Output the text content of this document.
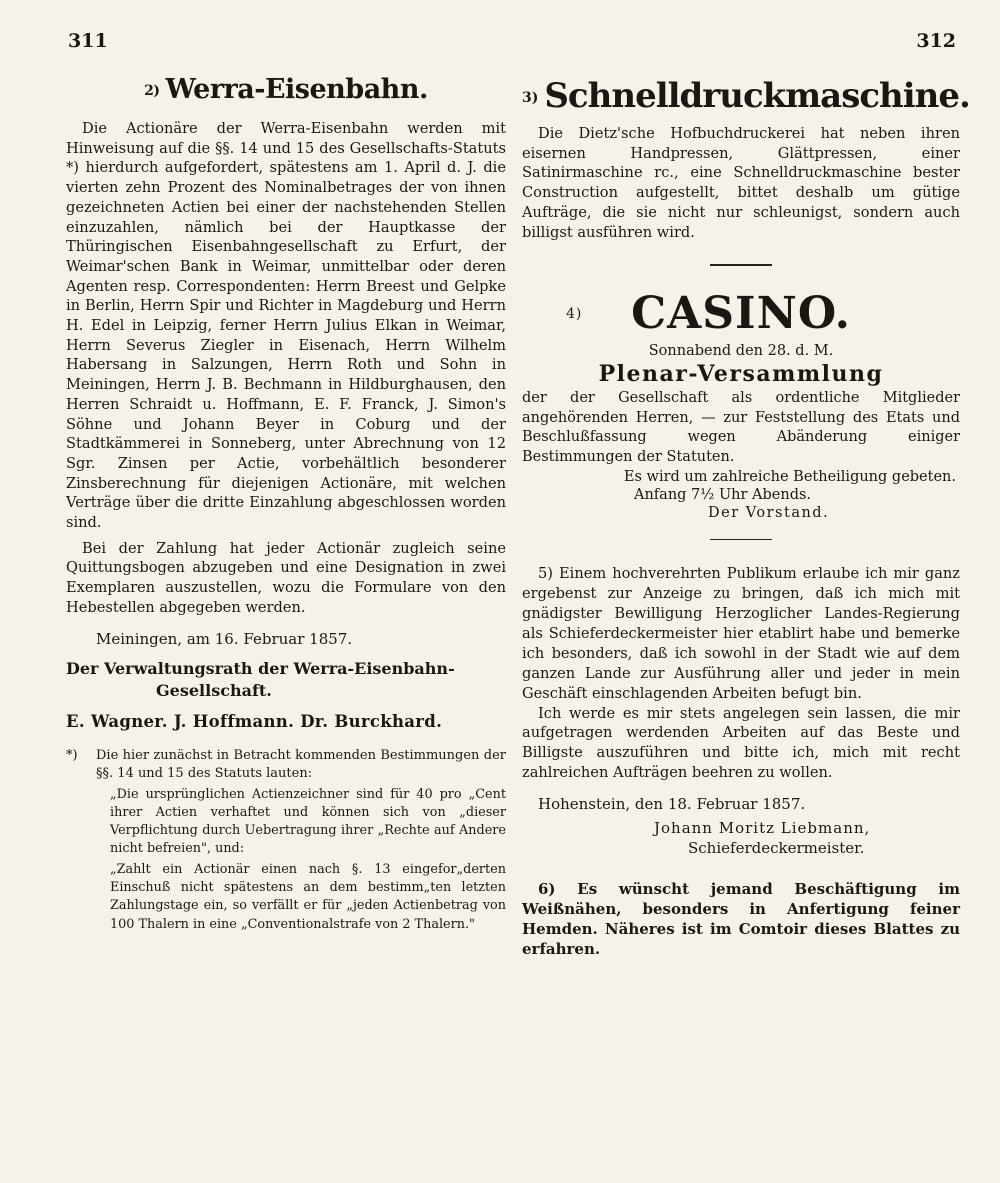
311	312
2) Werra-Eisenbahn.

Die Actionäre der Werra-Eisenbahn werden mit Hinweisung auf die §§. 14 und 15 des Gesellschafts-Statuts *) hierdurch aufgefordert, spätestens am 1. April d. J. die vierten zehn Prozent des Nominalbetrages der von ihnen gezeichneten Actien bei einer der nachstehenden Stellen einzuzahlen, nämlich bei der Hauptkasse der Thüringischen Eisenbahngesellschaft zu Erfurt, der Weimar'schen Bank in Weimar, unmittelbar oder deren Agenten resp. Correspondenten: Herrn Breest und Gelpke in Berlin, Herrn Spir und Richter in Magdeburg und Herrn H. Edel in Leipzig, ferner Herrn Julius Elkan in Weimar, Herrn Severus Ziegler in Eisenach, Herrn Wilhelm Habersang in Salzungen, Herrn Roth und Sohn in Meiningen, Herrn J. B. Bechmann in Hildburghausen, den Herren Schraidt u. Hoffmann, E. F. Franck, J. Simon's Söhne und Johann Beyer in Coburg und der Stadtkämmerei in Sonneberg, unter Abrechnung von 12 Sgr. Zinsen per Actie, vorbehältlich besonderer Zinsberechnung für diejenigen Actionäre, mit welchen Verträge über die dritte Einzahlung abgeschlossen worden sind.

Bei der Zahlung hat jeder Actionär zugleich seine Quittungsbogen abzugeben und eine Designation in zwei Exemplaren auszustellen, wozu die Formulare von den Hebestellen abgegeben werden.

Meiningen, am 16. Februar 1857.

Der Verwaltungsrath der Werra-Eisenbahn-
Gesellschaft.
E. Wagner. J. Hoffmann. Dr. Burckhard.
*)	Die hier zunächst in Betracht kommenden Bestimmungen der §§. 14 und 15 des Statuts lauten:

„Die ursprünglichen Actienzeichner sind für 40 pro „Cent ihrer Actien verhaftet und können sich von „dieser Verpflichtung durch Uebertragung ihrer „Rechte auf Andere nicht befreien", und:

„Zahlt ein Actionär einen nach §. 13 eingefor„derten Einschuß nicht spätestens an dem bestimm„ten letzten Zahlungstage ein, so verfällt er für „jeden Actienbetrag von 100 Thalern in eine „Conventionalstrafe von 2 Thalern."

3) Schnelldruckmaschine.

Die Dietz'sche Hofbuchdruckerei hat neben ihren eisernen Handpressen, Glättpressen, einer Satinirmaschine rc., eine Schnelldruckmaschine bester Construction aufgestellt, bittet deshalb um gütige Aufträge, die sie nicht nur schleunigst, sondern auch billigst ausführen wird.

4) CASINO.
Sonnabend den 28. d. M.
Plenar-Versammlung

der der Gesellschaft als ordentliche Mitglieder angehörenden Herren, — zur Feststellung des Etats und Beschlußfassung wegen Abänderung einiger Bestimmungen der Statuten.

Es wird um zahlreiche Betheiligung gebeten.
Anfang 7½ Uhr Abends.
Der Vorstand.

5) Einem hochverehrten Publikum erlaube ich mir ganz ergebenst zur Anzeige zu bringen, daß ich mich mit gnädigster Bewilligung Herzoglicher Landes-Regierung als Schieferdeckermeister hier etablirt habe und bemerke ich besonders, daß ich sowohl in der Stadt wie auf dem ganzen Lande zur Ausführung aller und jeder in mein Geschäft einschlagenden Arbeiten befugt bin.

Ich werde es mir stets angelegen sein lassen, die mir aufgetragen werdenden Arbeiten auf das Beste und Billigste auszuführen und bitte ich, mich mit recht zahlreichen Aufträgen beehren zu wollen.

Hohenstein, den 18. Februar 1857.

Johann Moritz Liebmann,
Schieferdeckermeister.

6) Es wünscht jemand Beschäftigung im Weißnähen, besonders in Anfertigung feiner Hemden. Näheres ist im Comtoir dieses Blattes zu erfahren.
